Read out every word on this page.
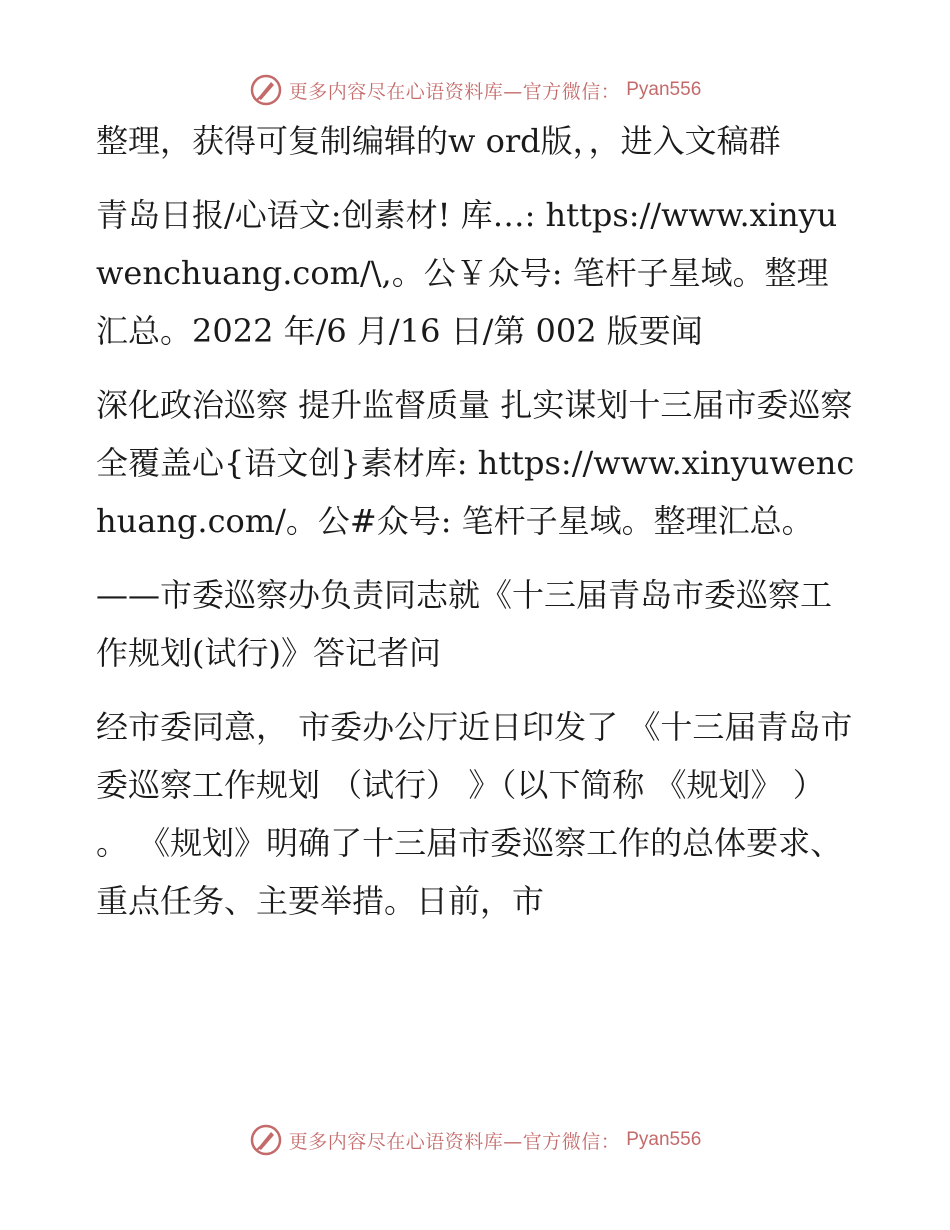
更多内容尽在心语资料库—官方微信： Pyan556

整理，获得可复制编辑的w ord版，，进入文稿群

青岛日报/心语文:创素材! 库…: https://www.xinyuwenchuang.com/\,。公￥众号: 笔杆子星域。整理汇总。2022 年/6 月/16 日/第 002 版要闻

深化政治巡察 提升监督质量 扎实谋划十三届市委巡察全覆盖心{语文创}素材库: https://www.xinyuwenchuang.com/。公#众号: 笔杆子星域。整理汇总。

——市委巡察办负责同志就《十三届青岛市委巡察工作规划(试行)》答记者问

经市委同意， 市委办公厅近日印发了 《十三届青岛市委巡察工作规划 （试行） 》（以下简称 《规划》 ） 。 《规划》明确了十三届市委巡察工作的总体要求、重点任务、主要举措。日前，市

更多内容尽在心语资料库—官方微信： Pyan556
